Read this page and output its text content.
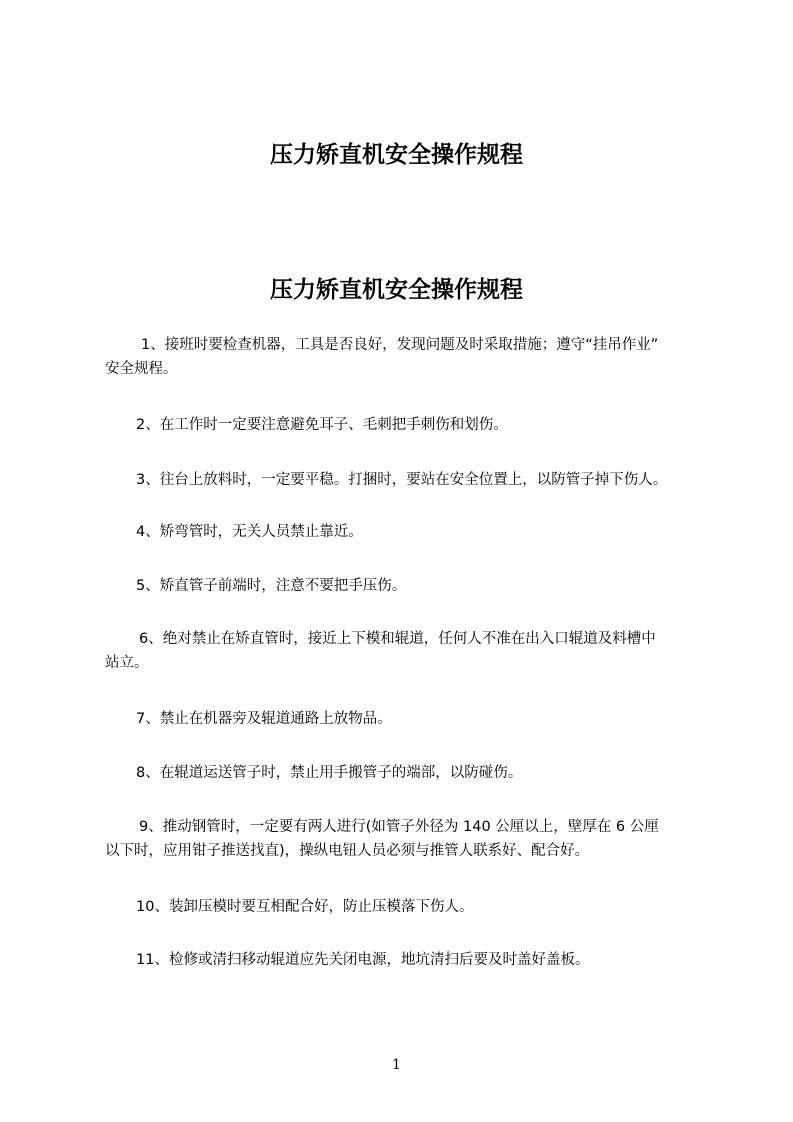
压力矫直机安全操作规程
压力矫直机安全操作规程
1、接班时要检查机器，工具是否良好，发现问题及时采取措施；遵守“挂吊作业”
安全规程。
2、在工作时一定要注意避免耳子、毛刺把手刺伤和划伤。
3、往台上放料时，一定要平稳。打捆时，要站在安全位置上，以防管子掉下伤人。
4、矫弯管时，无关人员禁止靠近。
5、矫直管子前端时，注意不要把手压伤。
6、绝对禁止在矫直管时，接近上下模和辊道，任何人不准在出入口辊道及料槽中
站立。
7、禁止在机器旁及辊道通路上放物品。
8、在辊道运送管子时，禁止用手搬管子的端部，以防碰伤。
9、推动钢管时，一定要有两人进行(如管子外径为 140 公厘以上，壁厚在 6 公厘
以下时，应用钳子推送找直)，操纵电钮人员必须与推管人联系好、配合好。
10、装卸压模时要互相配合好，防止压模落下伤人。
11、检修或清扫移动辊道应先关闭电源，地坑清扫后要及时盖好盖板。
1
